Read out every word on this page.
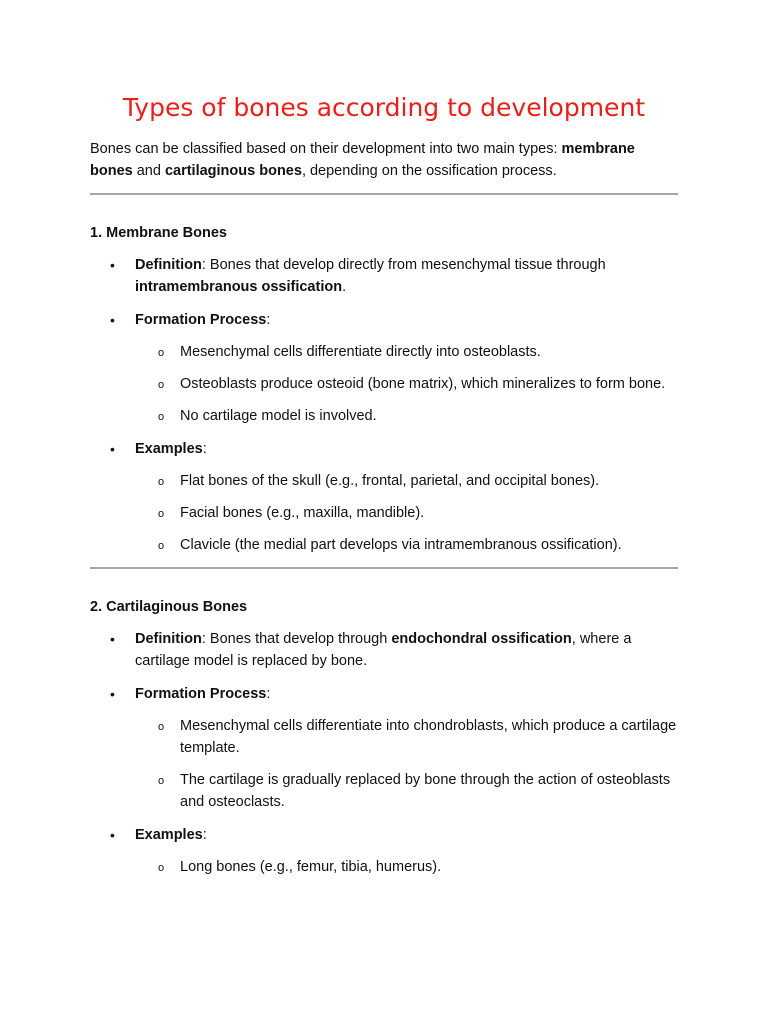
Types of bones according to development

Bones can be classified based on their development into two main types: membrane bones and cartilaginous bones, depending on the ossification process.

1. Membrane Bones
• Definition: Bones that develop directly from mesenchymal tissue through intramembranous ossification.
• Formation Process:
o Mesenchymal cells differentiate directly into osteoblasts.
o Osteoblasts produce osteoid (bone matrix), which mineralizes to form bone.
o No cartilage model is involved.
• Examples:
o Flat bones of the skull (e.g., frontal, parietal, and occipital bones).
o Facial bones (e.g., maxilla, mandible).
o Clavicle (the medial part develops via intramembranous ossification).
2. Cartilaginous Bones
• Definition: Bones that develop through endochondral ossification, where a cartilage model is replaced by bone.
• Formation Process:
o Mesenchymal cells differentiate into chondroblasts, which produce a cartilage template.
o The cartilage is gradually replaced by bone through the action of osteoblasts and osteoclasts.
• Examples:
o Long bones (e.g., femur, tibia, humerus).
